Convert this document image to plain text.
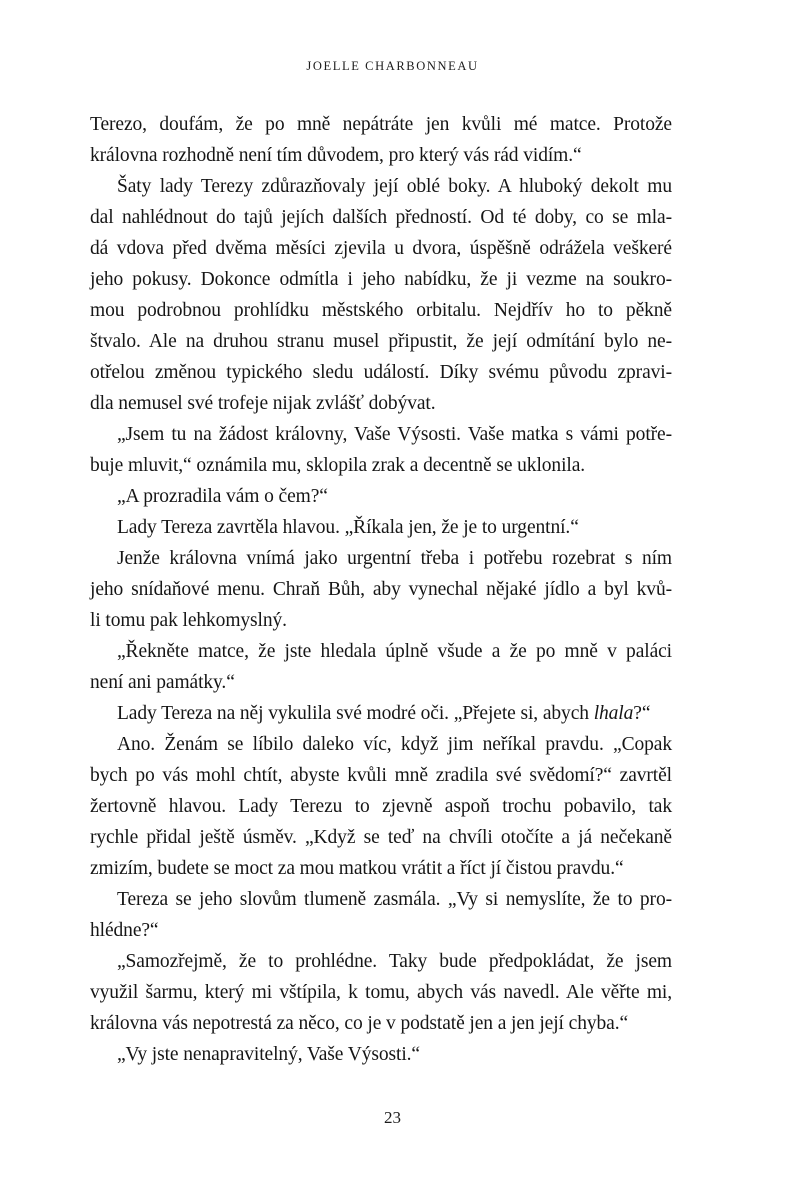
JOELLE CHARBONNEAU
Terezo, doufám, že po mně nepátráte jen kvůli mé matce. Protože
královna rozhodně není tím důvodem, pro který vás rád vidím.“
Šaty lady Terezy zdůrazňovaly její oblé boky. A hluboký dekolt mu
dal nahlédnout do tajů jejích dalších předností. Od té doby, co se mla-
dá vdova před dvěma měsíci zjevila u dvora, úspěšně odrážela veškeré
jeho pokusy. Dokonce odmítla i jeho nabídku, že ji vezme na soukro-
mou podrobnou prohlídku městského orbitalu. Nejdřív ho to pěkně
štvalo. Ale na druhou stranu musel připustit, že její odmítání bylo ne-
otřelou změnou typického sledu událostí. Díky svému původu zpravi-
dla nemusel své trofeje nijak zvlášť dobývat.
„Jsem tu na žádost královny, Vaše Výsosti. Vaše matka s vámi potře-
buje mluvit,“ oznámila mu, sklopila zrak a decentně se uklonila.
„A prozradila vám o čem?“
Lady Tereza zavrtěla hlavou. „Říkala jen, že je to urgentní.“
Jenže královna vnímá jako urgentní třeba i potřebu rozebrat s ním
jeho snídaňové menu. Chraň Bůh, aby vynechal nějaké jídlo a byl kvů-
li tomu pak lehkomyslný.
„Řekněte matce, že jste hledala úplně všude a že po mně v paláci
není ani památky.“
Lady Tereza na něj vykulila své modré oči. „Přejete si, abych lhala?“
Ano. Ženám se líbilo daleko víc, když jim neříkal pravdu. „Copak
bych po vás mohl chtít, abyste kvůli mně zradila své svědomí?“ zavrtěl
žertovně hlavou. Lady Terezu to zjevně aspoň trochu pobavilo, tak
rychle přidal ještě úsměv. „Když se teď na chvíli otočíte a já nečekaně
zmizím, budete se moct za mou matkou vrátit a říct jí čistou pravdu.“
Tereza se jeho slovům tlumeně zasmála. „Vy si nemyslíte, že to pro-
hlédne?“
„Samozřejmě, že to prohlédne. Taky bude předpokládat, že jsem
využil šarmu, který mi vštípila, k tomu, abych vás navedl. Ale věřte mi,
královna vás nepotrestá za něco, co je v podstatě jen a jen její chyba.“
„Vy jste nenapravitelný, Vaše Výsosti.“
23
